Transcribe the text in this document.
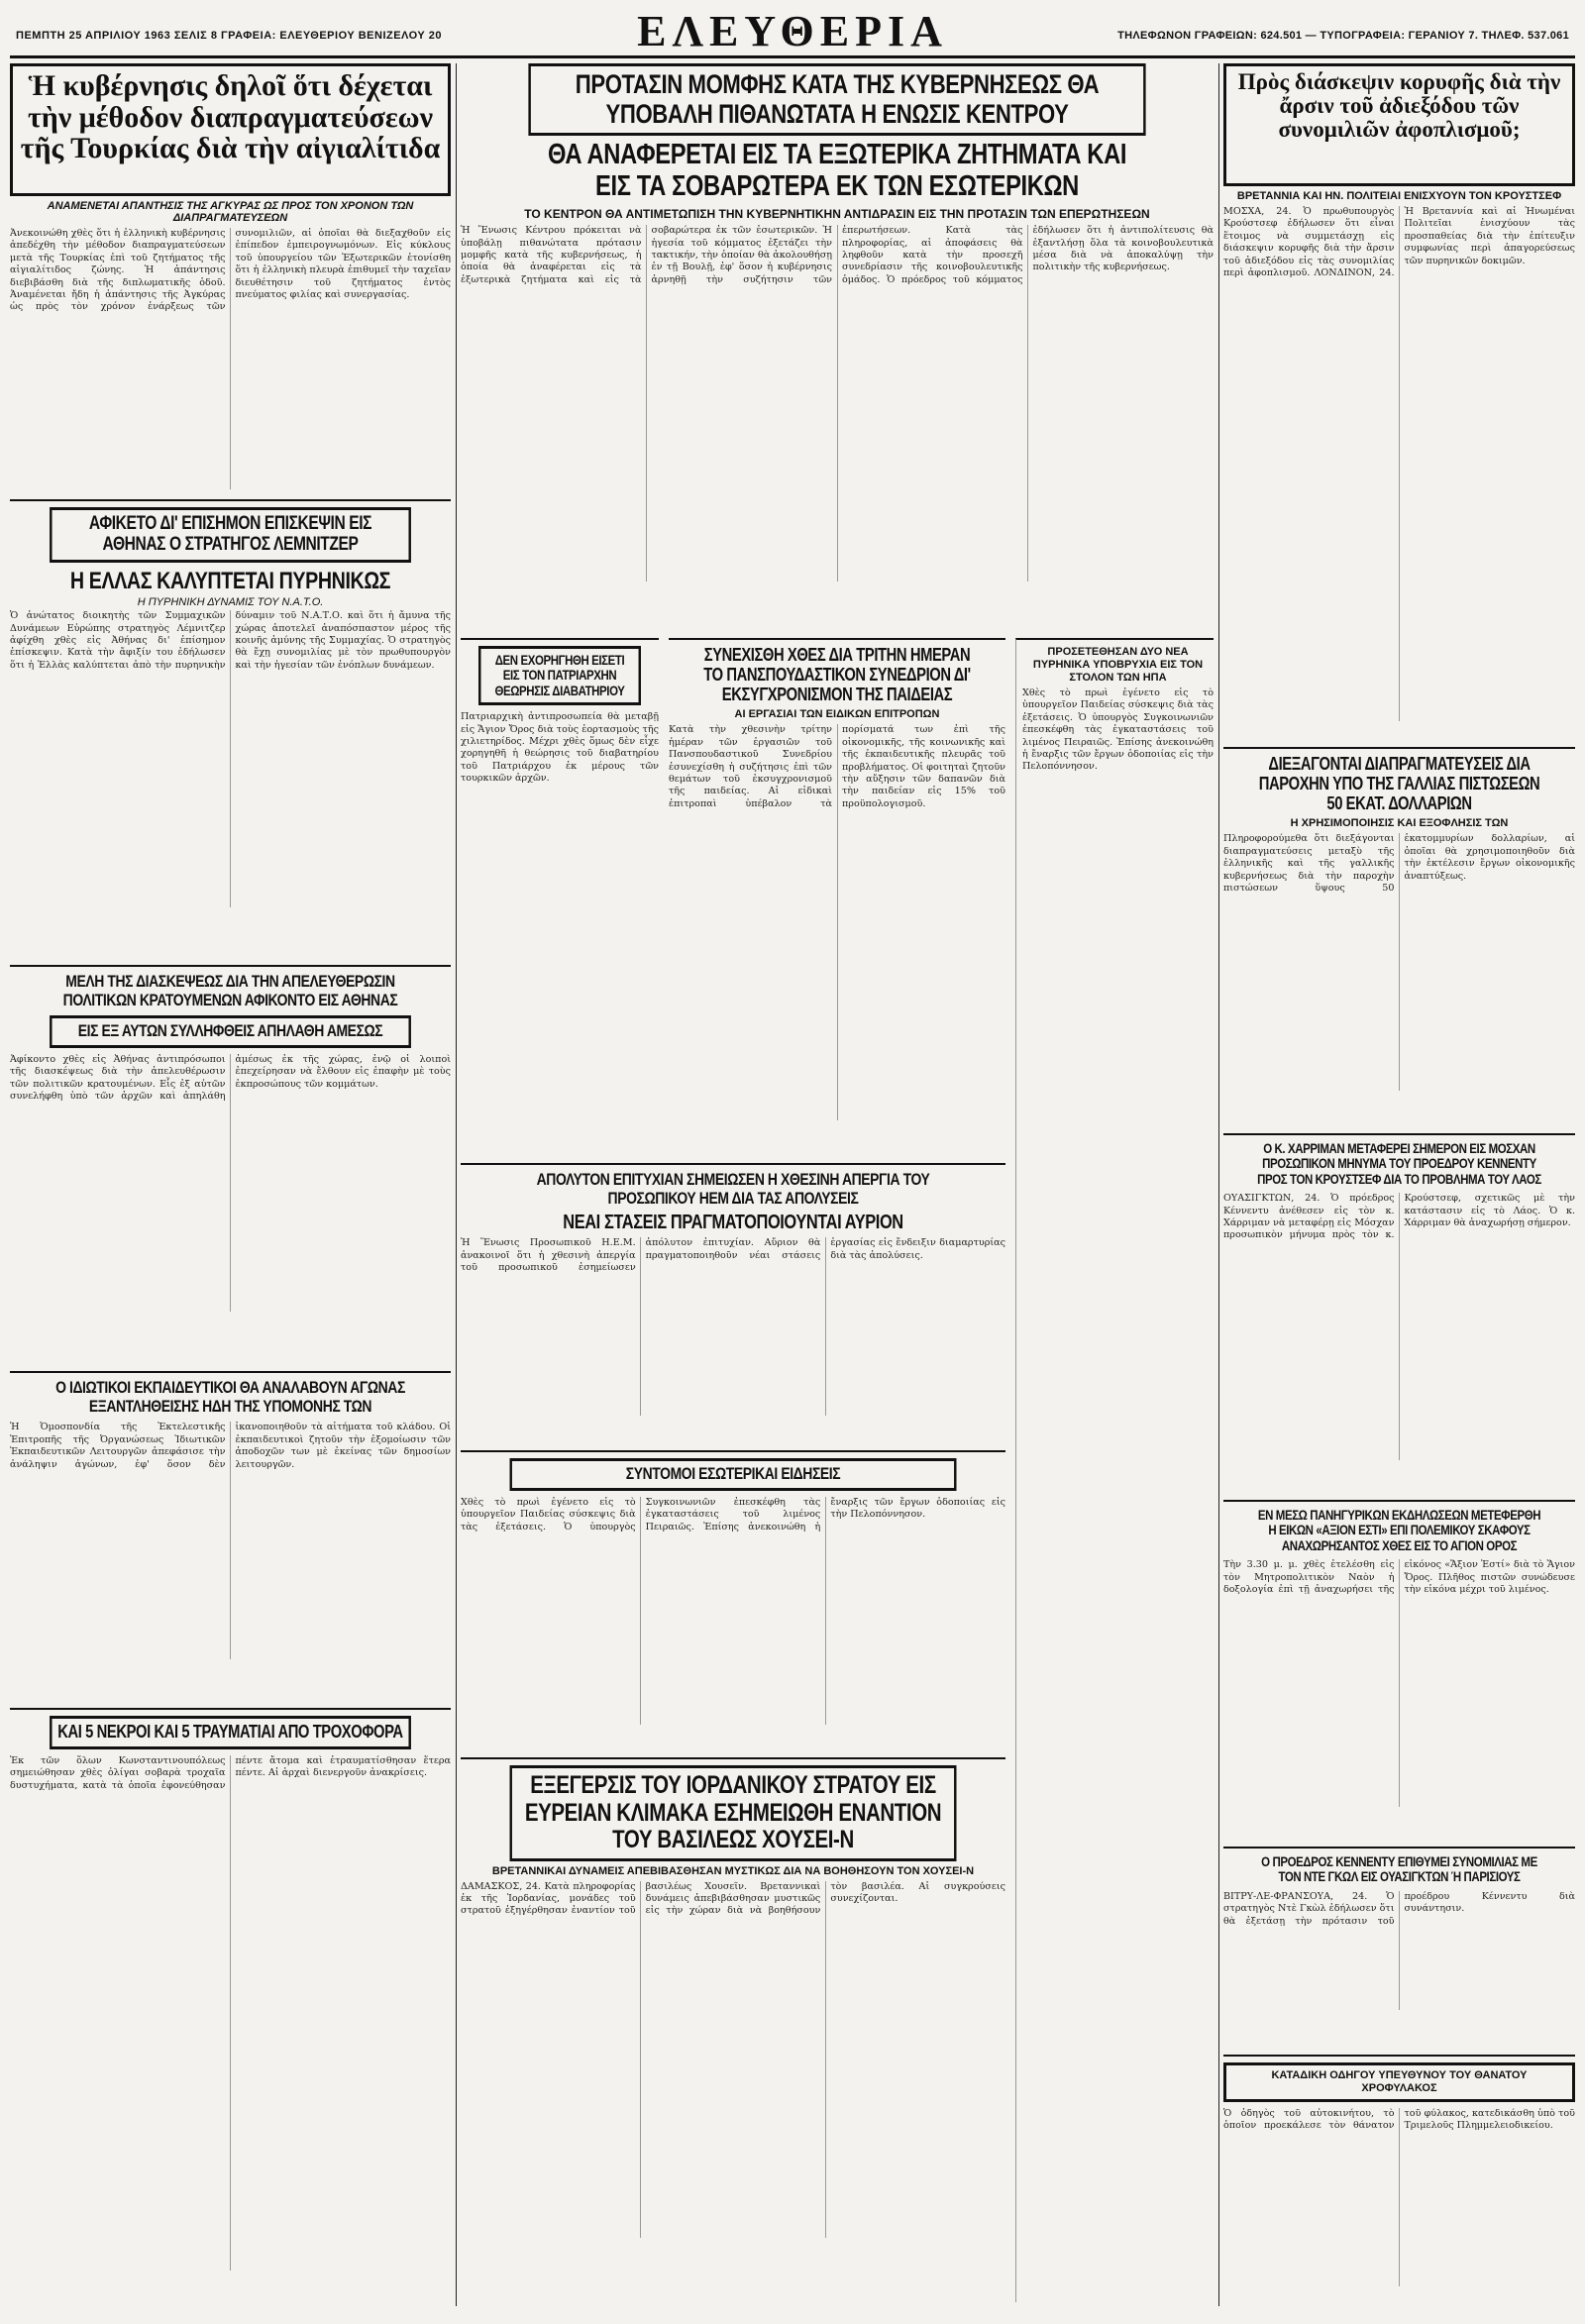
ΠΕΜΠΤΗ 25 ΑΠΡΙΛΙΟΥ 1963 ΣΕΛΙΣ 8 ΓΡΑΦΕΙΑ: ΕΛΕΥΘΕΡΙΟΥ ΒΕΝΙΖΕΛΟΥ 20	ΕΛΕΥΘΕΡΙΑ	ΤΗΛΕΦΩΝΟΝ ΓΡΑΦΕΙΩΝ: 624.501 — ΤΥΠΟΓΡΑΦΕΙΑ: ΓΕΡΑΝΙΟΥ 7. ΤΗΛΕΦ. 537.061
Ἡ κυβέρνησις δηλοῖ ὅτι δέχεται τὴν μέθοδον διαπραγματεύσεων τῆς Τουρκίας διὰ τὴν αἰγιαλίτιδα
ΑΝΑΜΕΝΕΤΑΙ ΑΠΑΝΤΗΣΙΣ ΤΗΣ ΑΓΚΥΡΑΣ ΩΣ ΠΡΟΣ ΤΟΝ ΧΡΟΝΟΝ ΤΩΝ ΔΙΑΠΡΑΓΜΑΤΕΥΣΕΩΝ
Ἀνεκοινώθη χθὲς ὅτι ἡ ἑλληνικὴ κυβέρνησις ἀπεδέχθη τὴν μέθοδον διαπραγματεύσεων μετὰ τῆς Τουρκίας ἐπὶ τοῦ ζητήματος τῆς αἰγιαλίτιδος ζώνης. Ἡ ἀπάντησις διεβιβάσθη διὰ τῆς διπλωματικῆς ὁδοῦ. Ἀναμένεται ἤδη ἡ ἀπάντησις τῆς Ἀγκύρας ὡς πρὸς τὸν χρόνον ἐνάρξεως τῶν συνομιλιῶν, αἱ ὁποῖαι θὰ διεξαχθοῦν εἰς ἐπίπεδον ἐμπειρογνωμόνων. Εἰς κύκλους τοῦ ὑπουργείου τῶν Ἐξωτερικῶν ἐτονίσθη ὅτι ἡ ἑλληνικὴ πλευρὰ ἐπιθυμεῖ τὴν ταχεῖαν διευθέτησιν τοῦ ζητήματος ἐντὸς πνεύματος φιλίας καὶ συνεργασίας.
ΑΦΙΚΕΤΟ ΔΙ' ΕΠΙΣΗΜΟΝ ΕΠΙΣΚΕΨΙΝ ΕΙΣ ΑΘΗΝΑΣ Ο ΣΤΡΑΤΗΓΟΣ ΛΕΜΝΙΤΖΕΡ
Η ΕΛΛΑΣ ΚΑΛΥΠΤΕΤΑΙ ΠΥΡΗΝΙΚΩΣ
Η ΠΥΡΗΝΙΚΗ ΔΥΝΑΜΙΣ ΤΟΥ Ν.Α.Τ.Ο.
Ὁ ἀνώτατος διοικητὴς τῶν Συμμαχικῶν Δυνάμεων Εὐρώπης στρατηγὸς Λέμνιτζερ ἀφίχθη χθὲς εἰς Ἀθήνας δι' ἐπίσημον ἐπίσκεψιν. Κατὰ τὴν ἄφιξίν του ἐδήλωσεν ὅτι ἡ Ἑλλὰς καλύπτεται ἀπὸ τὴν πυρηνικὴν δύναμιν τοῦ Ν.Α.Τ.Ο. καὶ ὅτι ἡ ἄμυνα τῆς χώρας ἀποτελεῖ ἀναπόσπαστον μέρος τῆς κοινῆς ἀμύνης τῆς Συμμαχίας. Ὁ στρατηγὸς θὰ ἔχῃ συνομιλίας μὲ τὸν πρωθυπουργὸν καὶ τὴν ἡγεσίαν τῶν ἐνόπλων δυνάμεων.
ΜΕΛΗ ΤΗΣ ΔΙΑΣΚΕΨΕΩΣ ΔΙΑ ΤΗΝ ΑΠΕΛΕΥΘΕΡΩΣΙΝ ΠΟΛΙΤΙΚΩΝ ΚΡΑΤΟΥΜΕΝΩΝ ΑΦΙΚΟΝΤΟ ΕΙΣ ΑΘΗΝΑΣ
ΕΙΣ ΕΞ ΑΥΤΩΝ ΣΥΛΛΗΦΘΕΙΣ ΑΠΗΛΑΘΗ ΑΜΕΣΩΣ
Ἀφίκοντο χθὲς εἰς Ἀθήνας ἀντιπρόσωποι τῆς διασκέψεως διὰ τὴν ἀπελευθέρωσιν τῶν πολιτικῶν κρατουμένων. Εἷς ἐξ αὐτῶν συνελήφθη ὑπὸ τῶν ἀρχῶν καὶ ἀπηλάθη ἀμέσως ἐκ τῆς χώρας, ἐνῷ οἱ λοιποὶ ἐπεχείρησαν νὰ ἔλθουν εἰς ἐπαφὴν μὲ τοὺς ἐκπροσώπους τῶν κομμάτων.
Ο ΙΔΙΩΤΙΚΟΙ ΕΚΠΑΙΔΕΥΤΙΚΟΙ ΘΑ ΑΝΑΛΑΒΟΥΝ ΑΓΩΝΑΣ ΕΞΑΝΤΛΗΘΕΙΣΗΣ ΗΔΗ ΤΗΣ ΥΠΟΜΟΝΗΣ ΤΩΝ
Ἡ Ὁμοσπονδία τῆς Ἐκτελεστικῆς Ἐπιτροπῆς τῆς Ὀργανώσεως Ἰδιωτικῶν Ἐκπαιδευτικῶν Λειτουργῶν ἀπεφάσισε τὴν ἀνάληψιν ἀγώνων, ἐφ' ὅσον δὲν ἱκανοποιηθοῦν τὰ αἰτήματα τοῦ κλάδου. Οἱ ἐκπαιδευτικοὶ ζητοῦν τὴν ἐξομοίωσιν τῶν ἀποδοχῶν των μὲ ἐκείνας τῶν δημοσίων λειτουργῶν.
ΚΑΙ 5 ΝΕΚΡΟΙ ΚΑΙ 5 ΤΡΑΥΜΑΤΙΑΙ ΑΠΟ ΤΡΟΧΟΦΟΡΑ
Ἐκ τῶν ὅλων Κωνσταντινουπόλεως σημειώθησαν χθὲς ὀλίγαι σοβαρὰ τροχαῖα δυστυχήματα, κατὰ τὰ ὁποῖα ἐφονεύθησαν πέντε ἄτομα καὶ ἐτραυματίσθησαν ἕτερα πέντε. Αἱ ἀρχαὶ διενεργοῦν ἀνακρίσεις.
ΠΡΟΤΑΣΙΝ ΜΟΜΦΗΣ ΚΑΤΑ ΤΗΣ ΚΥΒΕΡΝΗΣΕΩΣ ΘΑ ΥΠΟΒΑΛΗ ΠΙΘΑΝΩΤΑΤΑ Η ΕΝΩΣΙΣ ΚΕΝΤΡΟΥ
ΘΑ ΑΝΑΦΕΡΕΤΑΙ ΕΙΣ ΤΑ ΕΞΩΤΕΡΙΚΑ ΖΗΤΗΜΑΤΑ ΚΑΙ ΕΙΣ ΤΑ ΣΟΒΑΡΩΤΕΡΑ ΕΚ ΤΩΝ ΕΣΩΤΕΡΙΚΩΝ
ΤΟ ΚΕΝΤΡΟΝ ΘΑ ΑΝΤΙΜΕΤΩΠΙΣΗ ΤΗΝ ΚΥΒΕΡΝΗΤΙΚΗΝ ΑΝΤΙΔΡΑΣΙΝ ΕΙΣ ΤΗΝ ΠΡΟΤΑΣΙΝ ΤΩΝ ΕΠΕΡΩΤΗΣΕΩΝ
Ἡ Ἕνωσις Κέντρου πρόκειται νὰ ὑποβάλῃ πιθανώτατα πρότασιν μομφῆς κατὰ τῆς κυβερνήσεως, ἡ ὁποία θὰ ἀναφέρεται εἰς τὰ ἐξωτερικὰ ζητήματα καὶ εἰς τὰ σοβαρώτερα ἐκ τῶν ἐσωτερικῶν. Ἡ ἡγεσία τοῦ κόμματος ἐξετάζει τὴν τακτικήν, τὴν ὁποίαν θὰ ἀκολουθήσῃ ἐν τῇ Βουλῇ, ἐφ' ὅσον ἡ κυβέρνησις ἀρνηθῇ τὴν συζήτησιν τῶν ἐπερωτήσεων. Κατὰ τὰς πληροφορίας, αἱ ἀποφάσεις θὰ ληφθοῦν κατὰ τὴν προσεχῆ συνεδρίασιν τῆς κοινοβουλευτικῆς ὁμάδος. Ὁ πρόεδρος τοῦ κόμματος ἐδήλωσεν ὅτι ἡ ἀντιπολίτευσις θὰ ἐξαντλήσῃ ὅλα τὰ κοινοβουλευτικὰ μέσα διὰ νὰ ἀποκαλύψῃ τὴν πολιτικὴν τῆς κυβερνήσεως.
ΔΕΝ ΕΧΟΡΗΓΗΘΗ ΕΙΣΕΤΙ ΕΙΣ ΤΟΝ ΠΑΤΡΙΑΡΧΗΝ ΘΕΩΡΗΣΙΣ ΔΙΑΒΑΤΗΡΙΟΥ
Πατριαρχικὴ ἀντιπροσωπεία θὰ μεταβῇ εἰς Ἄγιον Ὄρος διὰ τοὺς ἑορτασμοὺς τῆς χιλιετηρίδος. Μέχρι χθὲς ὅμως δὲν εἶχε χορηγηθῆ ἡ θεώρησις τοῦ διαβατηρίου τοῦ Πατριάρχου ἐκ μέρους τῶν τουρκικῶν ἀρχῶν.
ΣΥΝΕΧΙΣΘΗ ΧΘΕΣ ΔΙΑ ΤΡΙΤΗΝ ΗΜΕΡΑΝ ΤΟ ΠΑΝΣΠΟΥΔΑΣΤΙΚΟΝ ΣΥΝΕΔΡΙΟΝ ΔΙ' ΕΚΣΥΓΧΡΟΝΙΣΜΟΝ ΤΗΣ ΠΑΙΔΕΙΑΣ
ΑΙ ΕΡΓΑΣΙΑΙ ΤΩΝ ΕΙΔΙΚΩΝ ΕΠΙΤΡΟΠΩΝ
Κατὰ τὴν χθεσινὴν τρίτην ἡμέραν τῶν ἐργασιῶν τοῦ Πανσπουδαστικοῦ Συνεδρίου ἐσυνεχίσθη ἡ συζήτησις ἐπὶ τῶν θεμάτων τοῦ ἐκσυγχρονισμοῦ τῆς παιδείας. Αἱ εἰδικαὶ ἐπιτροπαὶ ὑπέβαλον τὰ πορίσματά των ἐπὶ τῆς οἰκονομικῆς, τῆς κοινωνικῆς καὶ τῆς ἐκπαιδευτικῆς πλευρᾶς τοῦ προβλήματος. Οἱ φοιτηταὶ ζητοῦν τὴν αὔξησιν τῶν δαπανῶν διὰ τὴν παιδείαν εἰς 15% τοῦ προϋπολογισμοῦ.
ΑΠΟΛΥΤΟΝ ΕΠΙΤΥΧΙΑΝ ΣΗΜΕΙΩΣΕΝ Η ΧΘΕΣΙΝΗ ΑΠΕΡΓΙΑ ΤΟΥ ΠΡΟΣΩΠΙΚΟΥ ΗΕΜ ΔΙΑ ΤΑΣ ΑΠΟΛΥΣΕΙΣ
ΝΕΑΙ ΣΤΑΣΕΙΣ ΠΡΑΓΜΑΤΟΠΟΙΟΥΝΤΑΙ ΑΥΡΙΟΝ
Ἡ Ἕνωσις Προσωπικοῦ Η.Ε.Μ. ἀνακοινοῖ ὅτι ἡ χθεσινὴ ἀπεργία τοῦ προσωπικοῦ ἐσημείωσεν ἀπόλυτον ἐπιτυχίαν. Αὔριον θὰ πραγματοποιηθοῦν νέαι στάσεις ἐργασίας εἰς ἔνδειξιν διαμαρτυρίας διὰ τὰς ἀπολύσεις.
ΣΥΝΤΟΜΟΙ ΕΣΩΤΕΡΙΚΑΙ ΕΙΔΗΣΕΙΣ
Χθὲς τὸ πρωὶ ἐγένετο εἰς τὸ ὑπουργεῖον Παιδείας σύσκεψις διὰ τὰς ἐξετάσεις. Ὁ ὑπουργὸς Συγκοινωνιῶν ἐπεσκέφθη τὰς ἐγκαταστάσεις τοῦ λιμένος Πειραιῶς. Ἐπίσης ἀνεκοινώθη ἡ ἔναρξις τῶν ἔργων ὁδοποιίας εἰς τὴν Πελοπόννησον.
ΕΞΕΓΕΡΣΙΣ ΤΟΥ ΙΟΡΔΑΝΙΚΟΥ ΣΤΡΑΤΟΥ ΕΙΣ ΕΥΡΕΙΑΝ ΚΛΙΜΑΚΑ ΕΣΗΜΕΙΩΘΗ ΕΝΑΝΤΙΟΝ ΤΟΥ ΒΑΣΙΛΕΩΣ ΧΟΥΣΕΙ-Ν
ΒΡΕΤΑΝΝΙΚΑΙ ΔΥΝΑΜΕΙΣ ΑΠΕΒΙΒΑΣΘΗΣΑΝ ΜΥΣΤΙΚΩΣ ΔΙΑ ΝΑ ΒΟΗΘΗΣΟΥΝ ΤΟΝ ΧΟΥΣΕΙ-Ν
ΔΑΜΑΣΚΟΣ, 24. Κατὰ πληροφορίας ἐκ τῆς Ἰορδανίας, μονάδες τοῦ στρατοῦ ἐξηγέρθησαν ἐναντίον τοῦ βασιλέως Χουσεΐν. Βρεταννικαὶ δυνάμεις ἀπεβιβάσθησαν μυστικῶς εἰς τὴν χώραν διὰ νὰ βοηθήσουν τὸν βασιλέα. Αἱ συγκρούσεις συνεχίζονται.
ΠΡΟΣΕΤΕΘΗΣΑΝ ΔΥΟ ΝΕΑ ΠΥΡΗΝΙΚΑ ΥΠΟΒΡΥΧΙΑ ΕΙΣ ΤΟΝ ΣΤΟΛΟΝ ΤΩΝ ΗΠΑ
Χθὲς τὸ πρωὶ ἐγένετο εἰς τὸ ὑπουργεῖον Παιδείας σύσκεψις διὰ τὰς ἐξετάσεις. Ὁ ὑπουργὸς Συγκοινωνιῶν ἐπεσκέφθη τὰς ἐγκαταστάσεις τοῦ λιμένος Πειραιῶς. Ἐπίσης ἀνεκοινώθη ἡ ἔναρξις τῶν ἔργων ὁδοποιίας εἰς τὴν Πελοπόννησον.
Πρὸς διάσκεψιν κορυφῆς διὰ τὴν ἄρσιν τοῦ ἀδιεξόδου τῶν συνομιλιῶν ἀφοπλισμοῦ;
ΒΡΕΤΑΝΝΙΑ ΚΑΙ ΗΝ. ΠΟΛΙΤΕΙΑΙ ΕΝΙΣΧΥΟΥΝ ΤΟΝ ΚΡΟΥΣΤΣΕΦ
ΜΟΣΧΑ, 24. Ὁ πρωθυπουργὸς Κρούστσεφ ἐδήλωσεν ὅτι εἶναι ἕτοιμος νὰ συμμετάσχῃ εἰς διάσκεψιν κορυφῆς διὰ τὴν ἄρσιν τοῦ ἀδιεξόδου εἰς τὰς συνομιλίας περὶ ἀφοπλισμοῦ. ΛΟΝΔΙΝΟΝ, 24. Ἡ Βρεταννία καὶ αἱ Ἡνωμέναι Πολιτεῖαι ἐνισχύουν τὰς προσπαθείας διὰ τὴν ἐπίτευξιν συμφωνίας περὶ ἀπαγορεύσεως τῶν πυρηνικῶν δοκιμῶν.
ΔΙΕΞΑΓΟΝΤΑΙ ΔΙΑΠΡΑΓΜΑΤΕΥΣΕΙΣ ΔΙΑ ΠΑΡΟΧΗΝ ΥΠΟ ΤΗΣ ΓΑΛΛΙΑΣ ΠΙΣΤΩΣΕΩΝ 50 ΕΚΑΤ. ΔΟΛΛΑΡΙΩΝ
Η ΧΡΗΣΙΜΟΠΟΙΗΣΙΣ ΚΑΙ ΕΞΟΦΛΗΣΙΣ ΤΩΝ
Πληροφορούμεθα ὅτι διεξάγονται διαπραγματεύσεις μεταξὺ τῆς ἑλληνικῆς καὶ τῆς γαλλικῆς κυβερνήσεως διὰ τὴν παροχὴν πιστώσεων ὕψους 50 ἑκατομμυρίων δολλαρίων, αἱ ὁποῖαι θὰ χρησιμοποιηθοῦν διὰ τὴν ἐκτέλεσιν ἔργων οἰκονομικῆς ἀναπτύξεως.
Ο Κ. ΧΑΡΡΙΜΑΝ ΜΕΤΑΦΕΡΕΙ ΣΗΜΕΡΟΝ ΕΙΣ ΜΟΣΧΑΝ ΠΡΟΣΩΠΙΚΟΝ ΜΗΝΥΜΑ ΤΟΥ ΠΡΟΕΔΡΟΥ ΚΕΝΝΕΝΤΥ ΠΡΟΣ ΤΟΝ ΚΡΟΥΣΤΣΕΦ ΔΙΑ ΤΟ ΠΡΟΒΛΗΜΑ ΤΟΥ ΛΑΟΣ
ΟΥΑΣΙΓΚΤΩΝ, 24. Ὁ πρόεδρος Κέννεντυ ἀνέθεσεν εἰς τὸν κ. Χάρριμαν νὰ μεταφέρῃ εἰς Μόσχαν προσωπικὸν μήνυμα πρὸς τὸν κ. Κρούστσεφ, σχετικῶς μὲ τὴν κατάστασιν εἰς τὸ Λάος. Ὁ κ. Χάρριμαν θὰ ἀναχωρήσῃ σήμερον.
ΕΝ ΜΕΣΩ ΠΑΝΗΓΥΡΙΚΩΝ ΕΚΔΗΛΩΣΕΩΝ ΜΕΤΕΦΕΡΘΗ Η ΕΙΚΩΝ «ΑΞΙΟΝ ΕΣΤΙ» ΕΠΙ ΠΟΛΕΜΙΚΟΥ ΣΚΑΦΟΥΣ ΑΝΑΧΩΡΗΣΑΝΤΟΣ ΧΘΕΣ ΕΙΣ ΤΟ ΑΓΙΟΝ ΟΡΟΣ
Τὴν 3.30 μ. μ. χθὲς ἐτελέσθη εἰς τὸν Μητροπολιτικὸν Ναὸν ἡ δοξολογία ἐπὶ τῇ ἀναχωρήσει τῆς εἰκόνος «Ἄξιον Ἐστί» διὰ τὸ Ἅγιον Ὄρος. Πλῆθος πιστῶν συνώδευσε τὴν εἰκόνα μέχρι τοῦ λιμένος.
Ο ΠΡΟΕΔΡΟΣ ΚΕΝΝΕΝΤΥ ΕΠΙΘΥΜΕΙ ΣΥΝΟΜΙΛΙΑΣ ΜΕ ΤΟΝ ΝΤΕ ΓΚΩΛ ΕΙΣ ΟΥΑΣΙΓΚΤΩΝ Ή ΠΑΡΙΣΙΟΥΣ
ΒΙΤΡΥ-ΛΕ-ΦΡΑΝΣΟΥΑ, 24. Ὁ στρατηγὸς Ντὲ Γκὼλ ἐδήλωσεν ὅτι θὰ ἐξετάσῃ τὴν πρότασιν τοῦ προέδρου Κέννεντυ διὰ συνάντησιν.
ΚΑΤΑΔΙΚΗ ΟΔΗΓΟΥ ΥΠΕΥΘΥΝΟΥ ΤΟΥ ΘΑΝΑΤΟΥ ΧΡΟΦΥΛΑΚΟΣ
Ὁ ὁδηγὸς τοῦ αὐτοκινήτου, τὸ ὁποῖον προεκάλεσε τὸν θάνατον τοῦ φύλακος, κατεδικάσθη ὑπὸ τοῦ Τριμελοῦς Πλημμελειοδικείου.
